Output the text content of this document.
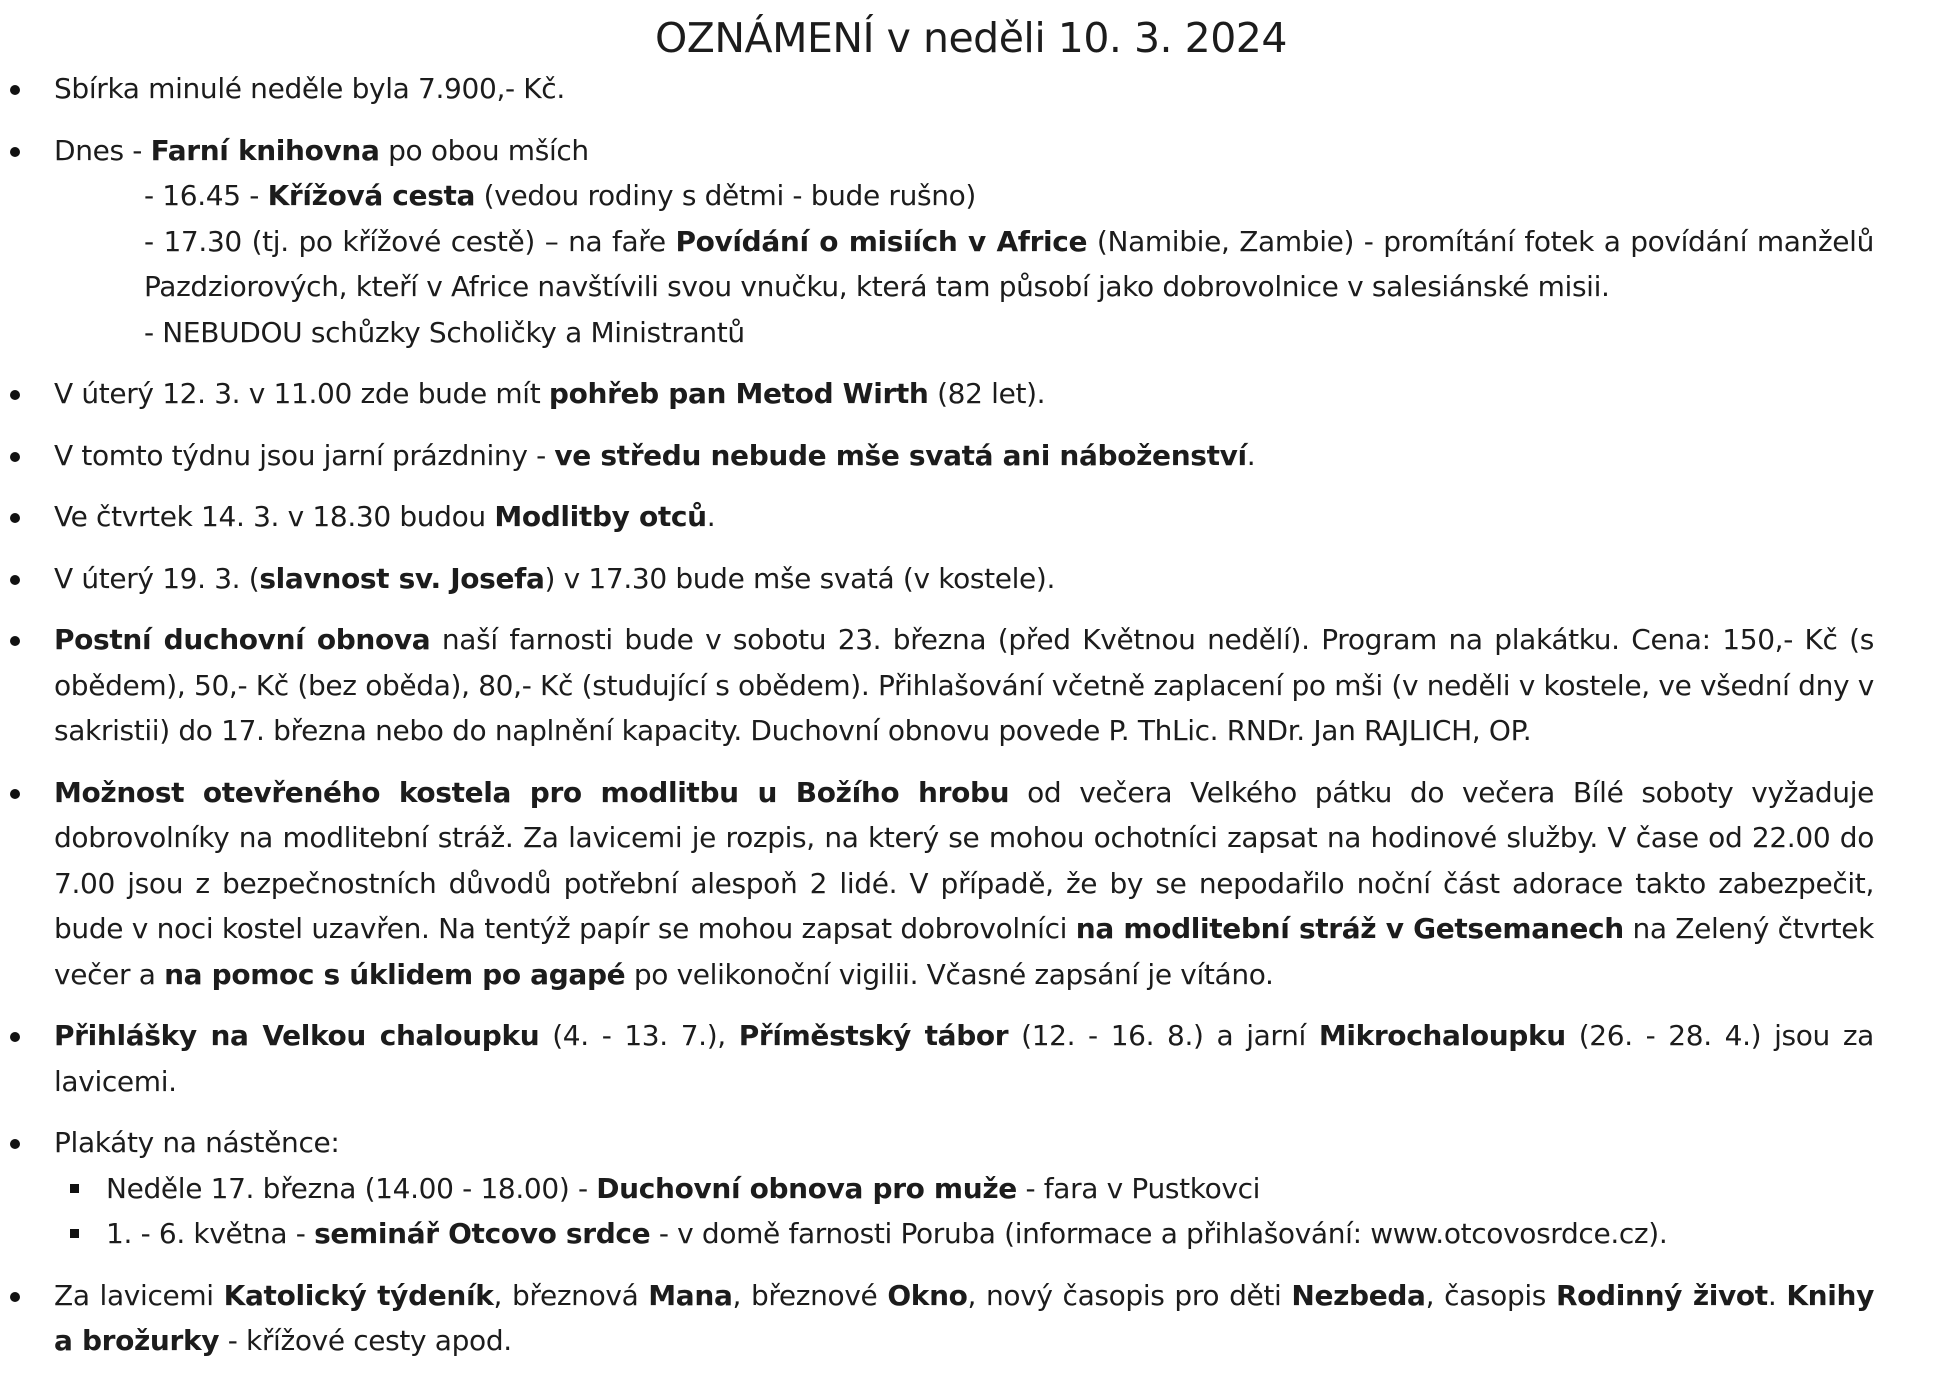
OZNÁMENÍ v neděli 10. 3. 2024
Sbírka minulé neděle byla 7.900,- Kč.
Dnes - Farní knihovna po obou mších
- 16.45 - Křížová cesta (vedou rodiny s dětmi - bude rušno)
- 17.30 (tj. po křížové cestě) – na faře Povídání o misiích v Africe (Namibie, Zambie) - promítání fotek a povídání manželů Pazdziorových, kteří v Africe navštívili svou vnučku, která tam působí jako dobrovolnice v salesiánské misii.
- NEBUDOU schůzky Scholičky a Ministrantů
V úterý 12. 3. v 11.00 zde bude mít pohřeb pan Metod Wirth (82 let).
V tomto týdnu jsou jarní prázdniny - ve středu nebude mše svatá ani náboženství.
Ve čtvrtek 14. 3. v 18.30 budou Modlitby otců.
V úterý 19. 3. (slavnost sv. Josefa) v 17.30 bude mše svatá (v kostele).
Postní duchovní obnova naší farnosti bude v sobotu 23. března (před Květnou nedělí). Program na plakátku. Cena: 150,- Kč (s obědem), 50,- Kč (bez oběda), 80,- Kč (studující s obědem). Přihlašování včetně zaplacení po mši (v neděli v kostele, ve všední dny v sakristii) do 17. března nebo do naplnění kapacity. Duchovní obnovu povede P. ThLic. RNDr. Jan RAJLICH, OP.
Možnost otevřeného kostela pro modlitbu u Božího hrobu od večera Velkého pátku do večera Bílé soboty vyžaduje dobrovolníky na modlitební stráž. Za lavicemi je rozpis, na který se mohou ochotníci zapsat na hodinové služby. V čase od 22.00 do 7.00 jsou z bezpečnostních důvodů potřební alespoň 2 lidé. V případě, že by se nepodařilo noční část adorace takto zabezpečit, bude v noci kostel uzavřen. Na tentýž papír se mohou zapsat dobrovolníci na modlitební stráž v Getsemanech na Zelený čtvrtek večer a na pomoc s úklidem po agapé po velikonoční vigilii. Včasné zapsání je vítáno.
Přihlášky na Velkou chaloupku (4. - 13. 7.), Příměstský tábor (12. - 16. 8.) a jarní Mikrochaloupku (26. - 28. 4.) jsou za lavicemi.
Plakáty na nástěnce:
Neděle 17. března (14.00 - 18.00) - Duchovní obnova pro muže - fara v Pustkovci
1. - 6. května - seminář Otcovo srdce - v domě farnosti Poruba (informace a přihlašování: www.otcovosrdce.cz).
Za lavicemi Katolický týdeník, březnová Mana, březnové Okno, nový časopis pro děti Nezbeda, časopis Rodinný život. Knihy a brožurky - křížové cesty apod.
